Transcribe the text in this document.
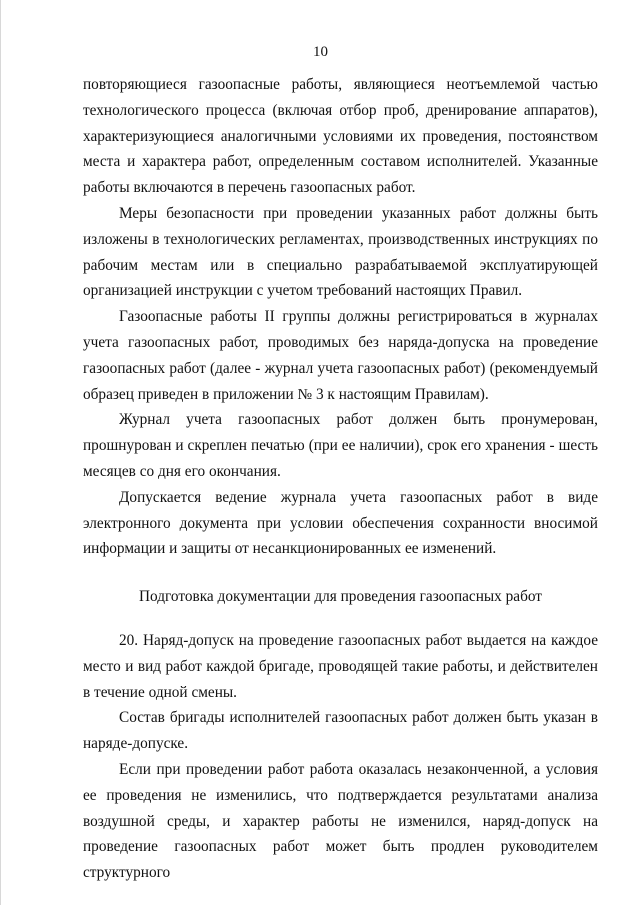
10

повторяющиеся газоопасные работы, являющиеся неотъемлемой частью технологического процесса (включая отбор проб, дренирование аппаратов), характеризующиеся аналогичными условиями их проведения, постоянством места и характера работ, определенным составом исполнителей. Указанные работы включаются в перечень газоопасных работ.

Меры безопасности при проведении указанных работ должны быть изложены в технологических регламентах, производственных инструкциях по рабочим местам или в специально разрабатываемой эксплуатирующей организацией инструкции с учетом требований настоящих Правил.

Газоопасные работы II группы должны регистрироваться в журналах учета газоопасных работ, проводимых без наряда-допуска на проведение газоопасных работ (далее - журнал учета газоопасных работ) (рекомендуемый образец приведен в приложении № 3 к настоящим Правилам).

Журнал учета газоопасных работ должен быть пронумерован, прошнурован и скреплен печатью (при ее наличии), срок его хранения - шесть месяцев со дня его окончания.

Допускается ведение журнала учета газоопасных работ в виде электронного документа при условии обеспечения сохранности вносимой информации и защиты от несанкционированных ее изменений.

Подготовка документации для проведения газоопасных работ

20. Наряд-допуск на проведение газоопасных работ выдается на каждое место и вид работ каждой бригаде, проводящей такие работы, и действителен в течение одной смены.

Состав бригады исполнителей газоопасных работ должен быть указан в наряде-допуске.

Если при проведении работ работа оказалась незаконченной, а условия ее проведения не изменились, что подтверждается результатами анализа воздушной среды, и характер работы не изменился, наряд-допуск на проведение газоопасных работ может быть продлен руководителем структурного
